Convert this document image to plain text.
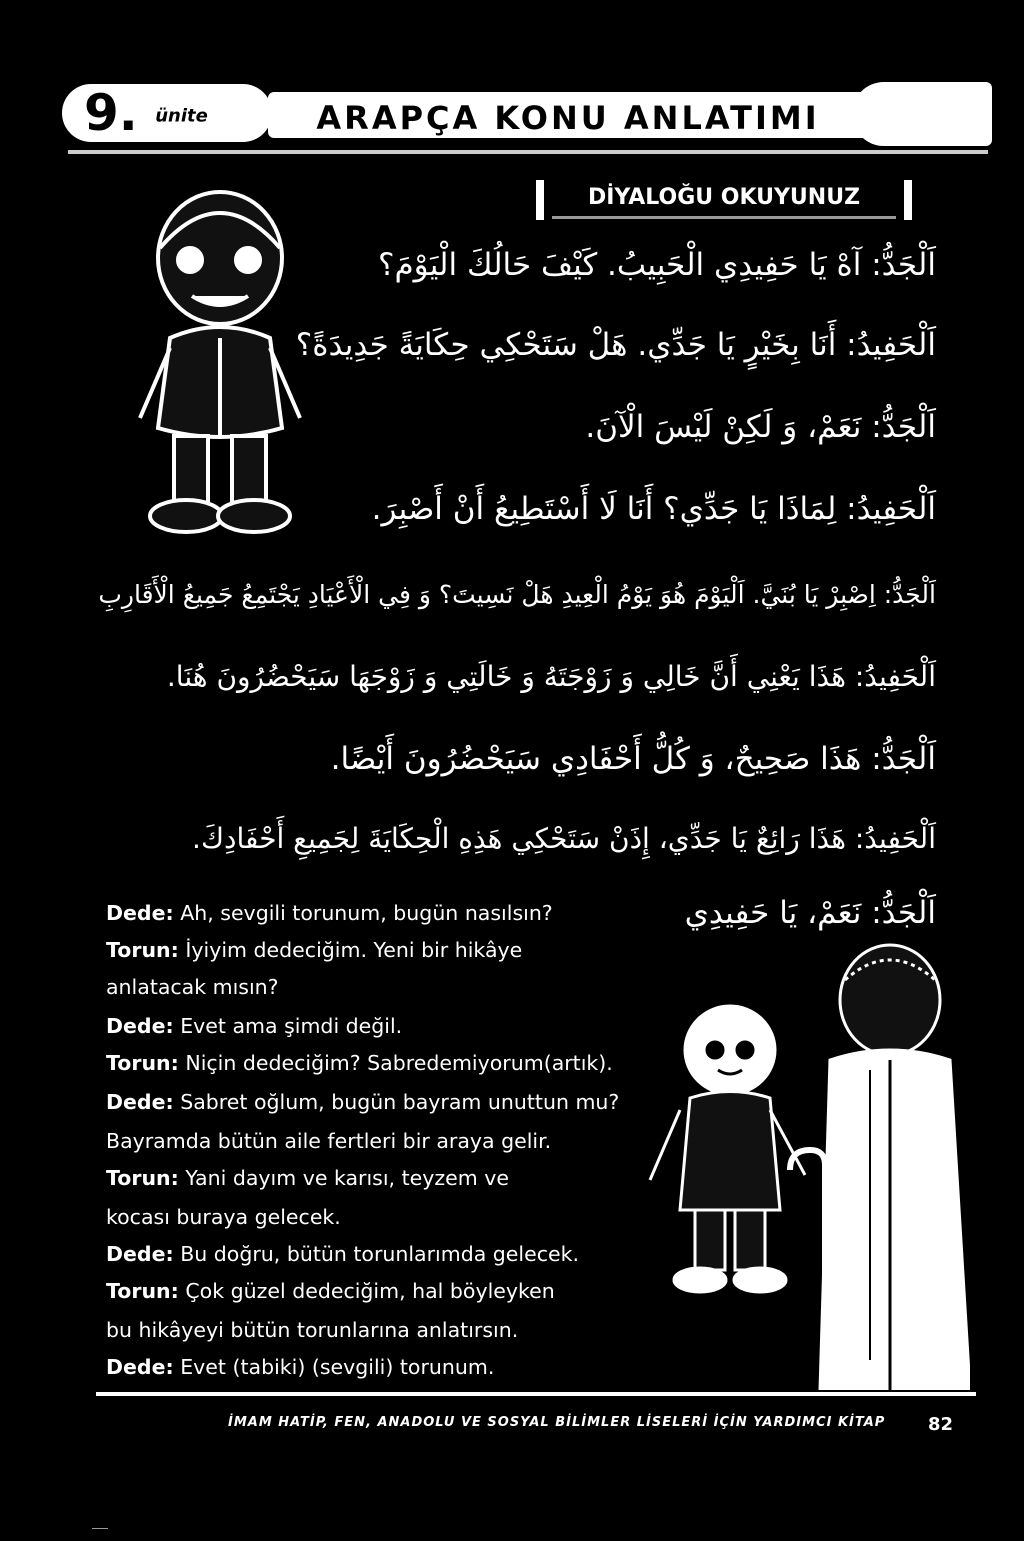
9. ünite	ARAPÇA KONU ANLATIMI
DİYALOĞU OKUYUNUZ
اَلْجَدُّ: آهْ يَا حَفِيدِي الْحَبِيبُ. كَيْفَ حَالُكَ الْيَوْمَ؟
اَلْحَفِيدُ: أَنَا بِخَيْرٍ يَا جَدِّي. هَلْ سَتَحْكِي حِكَايَةً جَدِيدَةً؟
اَلْجَدُّ: نَعَمْ، وَ لَكِنْ لَيْسَ الْآنَ.
اَلْحَفِيدُ: لِمَاذَا يَا جَدِّي؟ أَنَا لَا أَسْتَطِيعُ أَنْ أَصْبِرَ.
اَلْجَدُّ: اِصْبِرْ يَا بُنَيَّ. اَلْيَوْمَ هُوَ يَوْمُ الْعِيدِ هَلْ نَسِيتَ؟ وَ فِي الْأَعْيَادِ يَجْتَمِعُ جَمِيعُ الْأَقَارِبِ
اَلْحَفِيدُ: هَذَا يَعْنِي أَنَّ خَالِي وَ زَوْجَتَهُ وَ خَالَتِي وَ زَوْجَهَا سَيَحْضُرُونَ هُنَا.
اَلْجَدُّ: هَذَا صَحِيحٌ، وَ كُلُّ أَحْفَادِي سَيَحْضُرُونَ أَيْضًا.
اَلْحَفِيدُ: هَذَا رَائِعٌ يَا جَدِّي، إِذَنْ سَتَحْكِي هَذِهِ الْحِكَايَةَ لِجَمِيعِ أَحْفَادِكَ.
اَلْجَدُّ: نَعَمْ، يَا حَفِيدِي
Dede: Ah, sevgili torunum, bugün nasılsın?
Torun: İyiyim dedeciğim. Yeni bir hikâye
anlatacak mısın?
Dede: Evet ama şimdi değil.
Torun: Niçin dedeciğim? Sabredemiyorum(artık).
Dede: Sabret oğlum, bugün bayram unuttun mu?
Bayramda bütün aile fertleri bir araya gelir.
Torun: Yani dayım ve karısı, teyzem ve
kocası buraya gelecek.
Dede: Bu doğru, bütün torunlarımda gelecek.
Torun: Çok güzel dedeciğim, hal böyleyken
bu hikâyeyi bütün torunlarına anlatırsın.
Dede: Evet (tabiki) (sevgili) torunum.
İMAM HATİP, FEN, ANADOLU VE SOSYAL BİLİMLER LİSELERİ İÇİN YARDIMCI KİTAP 82
